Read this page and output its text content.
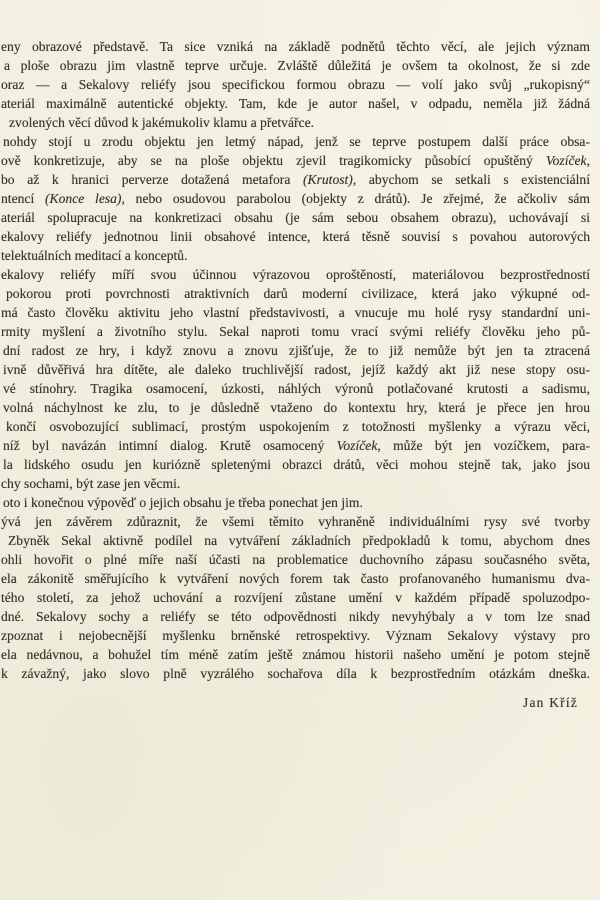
eny obrazové představě. Ta sice vzniká na základě podnětů těchto věcí, ale jejich význam
a ploše obrazu jim vlastně teprve určuje. Zvláště důležitá je ovšem ta okolnost, že si zde
oraz — a Sekalovy reliéfy jsou specifickou formou obrazu — volí jako svůj „rukopisný“
ateriál maximálně autentické objekty. Tam, kde je autor našel, v odpadu, neměla již žádná
zvolených věcí důvod k jakémukoliv klamu a přetvářce.
nohdy stojí u zrodu objektu jen letmý nápad, jenž se teprve postupem další práce obsa-
ově konkretizuje, aby se na ploše objektu zjevil tragikomicky působící opuštěný Vozíček,
bo až k hranici perverze dotažená metafora (Krutost), abychom se setkali s existenciální
ntencí (Konce lesa), nebo osudovou parabolou (objekty z drátů). Je zřejmé, že ačkoliv sám
ateriál spolupracuje na konkretizaci obsahu (je sám sebou obsahem obrazu), uchovávají si
ekalovy reliéfy jednotnou linii obsahové intence, která těsně souvisí s povahou autorových
telektuálních meditací a konceptů.
ekalovy reliéfy míří svou účinnou výrazovou oproštěností, materiálovou bezprostředností
pokorou proti povrchnosti atraktivních darů moderní civilizace, která jako výkupné od-
má často člověku aktivitu jeho vlastní představivosti, a vnucuje mu holé rysy standardní uni-
rmity myšlení a životního stylu. Sekal naproti tomu vrací svými reliéfy člověku jeho pů-
dní radost ze hry, i když znovu a znovu zjišťuje, že to již nemůže být jen ta ztracená
ivně důvěřivá hra dítěte, ale daleko truchlivější radost, jejíž každý akt již nese stopy osu-
vé stínohry. Tragika osamocení, úzkosti, náhlých výronů potlačované krutosti a sadismu,
volná náchylnost ke zlu, to je důsledně vtaženo do kontextu hry, která je přece jen hrou
končí osvobozující sublimací, prostým uspokojením z totožnosti myšlenky a výrazu věci,
níž byl navázán intimní dialog. Krutě osamocený Vozíček, může být jen vozíčkem, para-
la lidského osudu jen kuriózně spletenými obrazci drátů, věci mohou stejně tak, jako jsou
chy sochami, být zase jen věcmi.
oto i konečnou výpověď o jejich obsahu je třeba ponechat jen jim.
ývá jen závěrem zdůraznit, že všemi těmito vyhraněně individuálními rysy své tvorby
Zbyněk Sekal aktivně podílel na vytváření základních předpokladů k tomu, abychom dnes
ohli hovořit o plné míře naší účasti na problematice duchovního zápasu současného světa,
ela zákonitě směřujícího k vytváření nových forem tak často profanovaného humanismu dva-
tého století, za jehož uchování a rozvíjení zůstane umění v každém případě spoluzodpo-
dné. Sekalovy sochy a reliéfy se této odpovědnosti nikdy nevyhýbaly a v tom lze snad
zpoznat i nejobecnější myšlenku brněnské retrospektivy. Význam Sekalovy výstavy pro
ela nedávnou, a bohužel tím méně zatím ještě známou historii našeho umění je potom stejně
k závažný, jako slovo plně vyzrálého sochařova díla k bezprostředním otázkám dneška.
Jan Kříž
